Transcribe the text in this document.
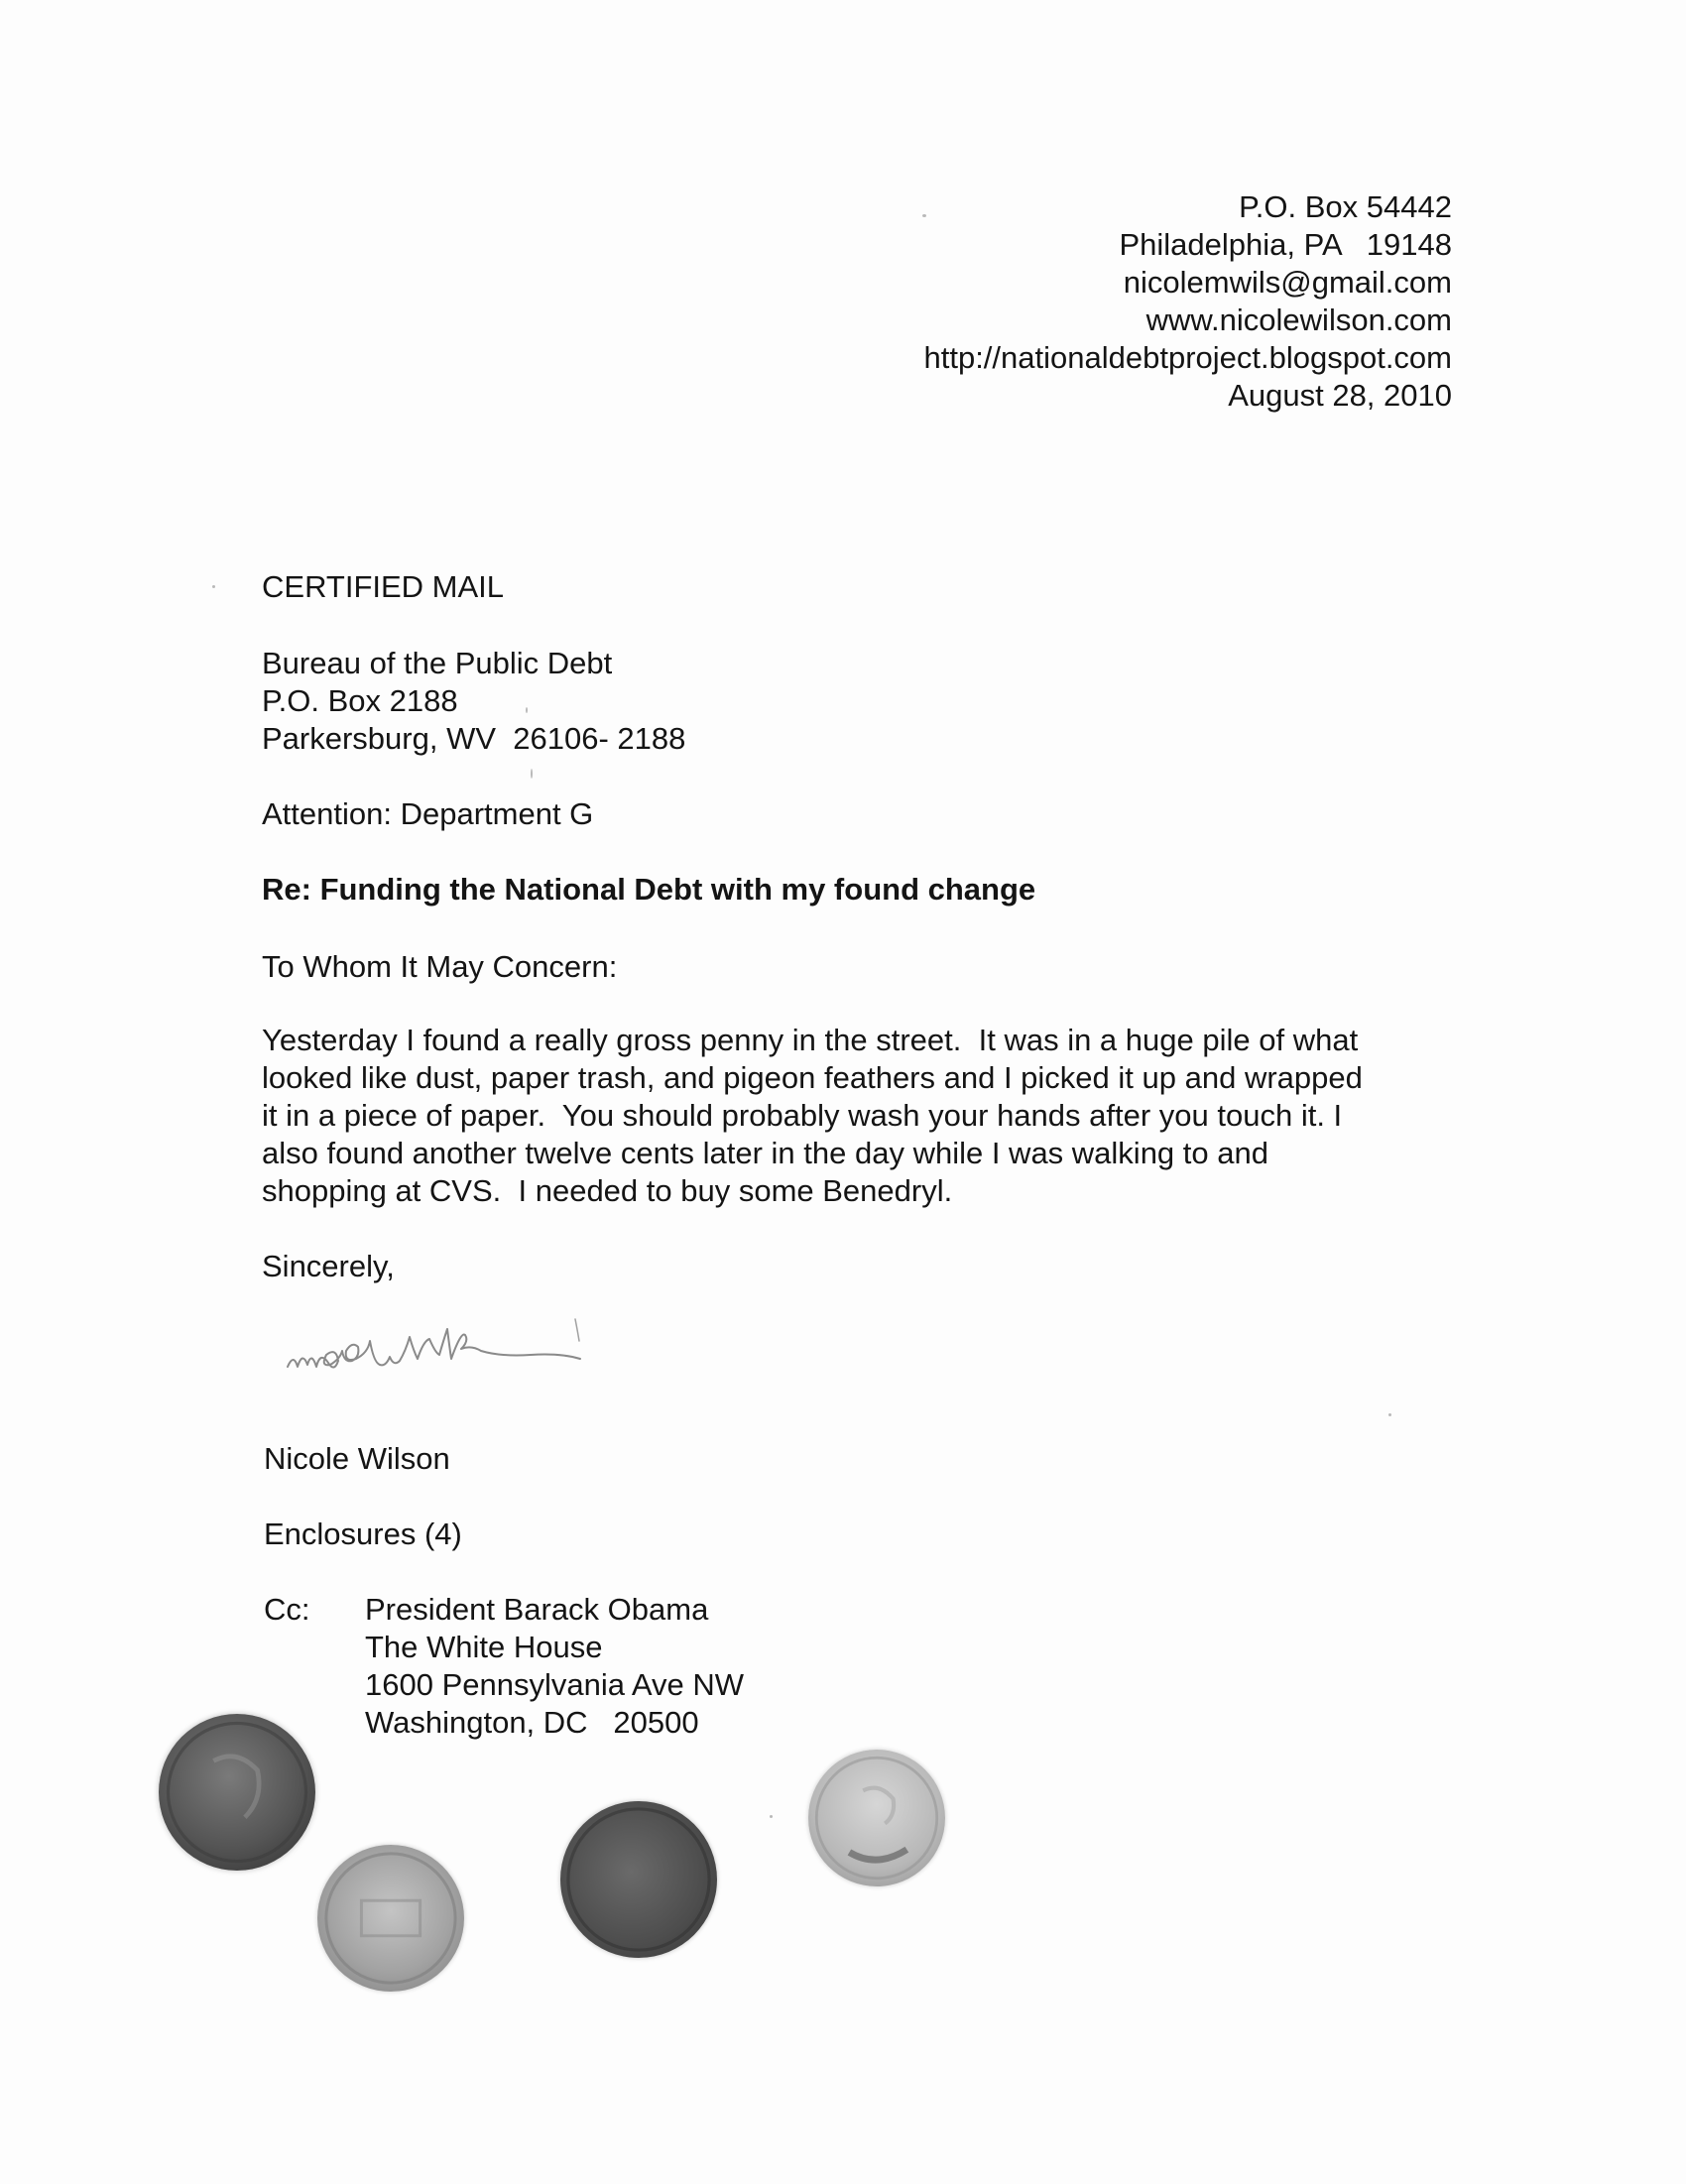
P.O. Box 54442
Philadelphia, PA   19148
nicolemwils@gmail.com
www.nicolewilson.com
http://nationaldebtproject.blogspot.com
August 28, 2010
CERTIFIED MAIL
Bureau of the Public Debt
P.O. Box 2188
Parkersburg, WV  26106- 2188
Attention: Department G
Re: Funding the National Debt with my found change
To Whom It May Concern:
Yesterday I found a really gross penny in the street.  It was in a huge pile of what
looked like dust, paper trash, and pigeon feathers and I picked it up and wrapped
it in a piece of paper.  You should probably wash your hands after you touch it. I
also found another twelve cents later in the day while I was walking to and
shopping at CVS.  I needed to buy some Benedryl.
Sincerely,
Nicole Wilson
Enclosures (4)
Cc: President Barack Obama
The White House
1600 Pennsylvania Ave NW
Washington, DC   20500
